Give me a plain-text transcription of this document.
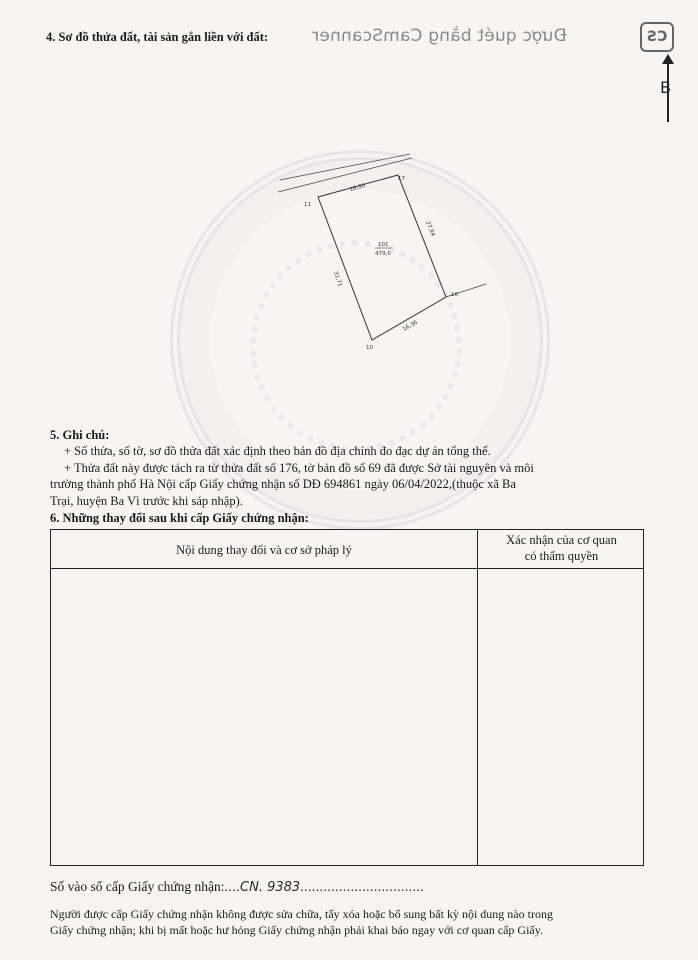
4. Sơ đồ thửa đất, tài sản gắn liền với đất:	Được quét bằng CamScanner	CS
B
11
17
16
10
18,00
27,94
16,36
31,71
101
479,0
5. Ghi chú:
+ Số thửa, số tờ, sơ đồ thửa đất xác định theo bản đồ địa chính đo đạc dự án tổng thể.
+ Thửa đất này được tách ra từ thửa đất số 176, tờ bản đồ số 69 đã được Sở tài nguyên và môi
trường thành phố Hà Nội cấp Giấy chứng nhận số DĐ 694861 ngày 06/04/2022,(thuộc xã Ba
Trại, huyện Ba Vì trước khi sáp nhập).
6. Những thay đổi sau khi cấp Giấy chứng nhận:
Nội dung thay đổi và cơ sở pháp lý
Xác nhận của cơ quan
có thẩm quyền
Số vào sổ cấp Giấy chứng nhận:....CN. 9383................................
Người được cấp Giấy chứng nhận không được sửa chữa, tẩy xóa hoặc bổ sung bất kỳ nội dung nào trong
Giấy chứng nhận; khi bị mất hoặc hư hỏng Giấy chứng nhận phải khai báo ngay với cơ quan cấp Giấy.
